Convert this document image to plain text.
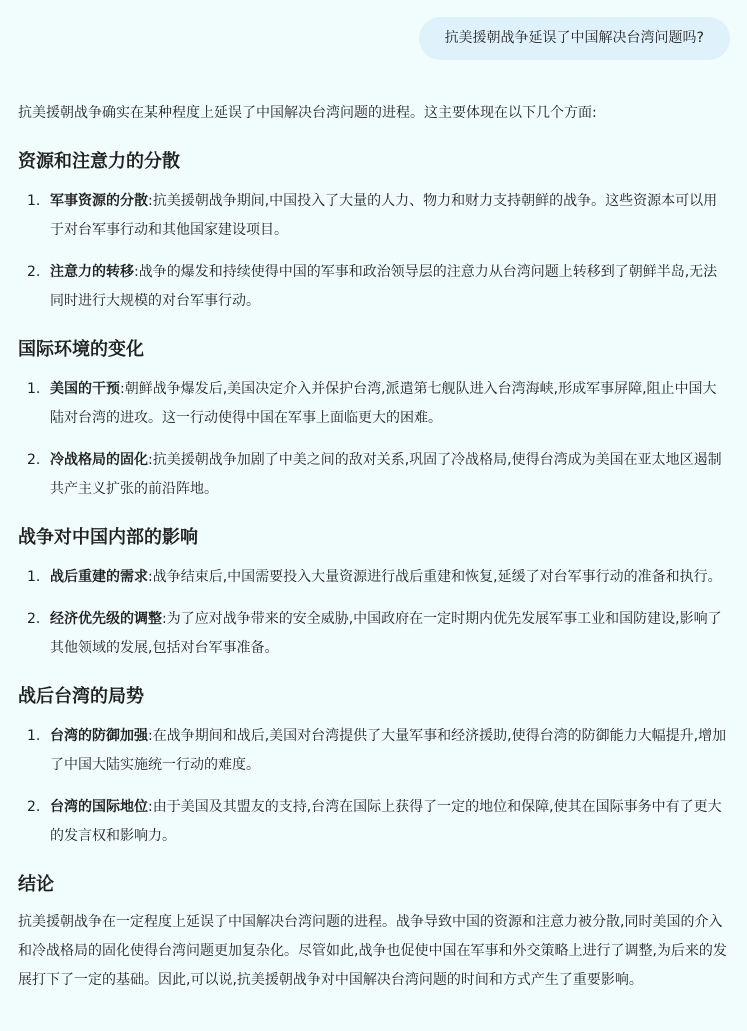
抗美援朝战争延误了中国解决台湾问题吗?

抗美援朝战争确实在某种程度上延误了中国解决台湾问题的进程。这主要体现在以下几个方面:

资源和注意力的分散
1. 军事资源的分散:抗美援朝战争期间,中国投入了大量的人力、物力和财力支持朝鲜的战争。这些资源本可以用于对台军事行动和其他国家建设项目。
2. 注意力的转移:战争的爆发和持续使得中国的军事和政治领导层的注意力从台湾问题上转移到了朝鲜半岛,无法同时进行大规模的对台军事行动。
国际环境的变化
1. 美国的干预:朝鲜战争爆发后,美国决定介入并保护台湾,派遣第七舰队进入台湾海峡,形成军事屏障,阻止中国大陆对台湾的进攻。这一行动使得中国在军事上面临更大的困难。
2. 冷战格局的固化:抗美援朝战争加剧了中美之间的敌对关系,巩固了冷战格局,使得台湾成为美国在亚太地区遏制共产主义扩张的前沿阵地。
战争对中国内部的影响
1. 战后重建的需求:战争结束后,中国需要投入大量资源进行战后重建和恢复,延缓了对台军事行动的准备和执行。
2. 经济优先级的调整:为了应对战争带来的安全威胁,中国政府在一定时期内优先发展军事工业和国防建设,影响了其他领域的发展,包括对台军事准备。
战后台湾的局势
1. 台湾的防御加强:在战争期间和战后,美国对台湾提供了大量军事和经济援助,使得台湾的防御能力大幅提升,增加了中国大陆实施统一行动的难度。
2. 台湾的国际地位:由于美国及其盟友的支持,台湾在国际上获得了一定的地位和保障,使其在国际事务中有了更大的发言权和影响力。
结论

抗美援朝战争在一定程度上延误了中国解决台湾问题的进程。战争导致中国的资源和注意力被分散,同时美国的介入和冷战格局的固化使得台湾问题更加复杂化。尽管如此,战争也促使中国在军事和外交策略上进行了调整,为后来的发展打下了一定的基础。因此,可以说,抗美援朝战争对中国解决台湾问题的时间和方式产生了重要影响。
